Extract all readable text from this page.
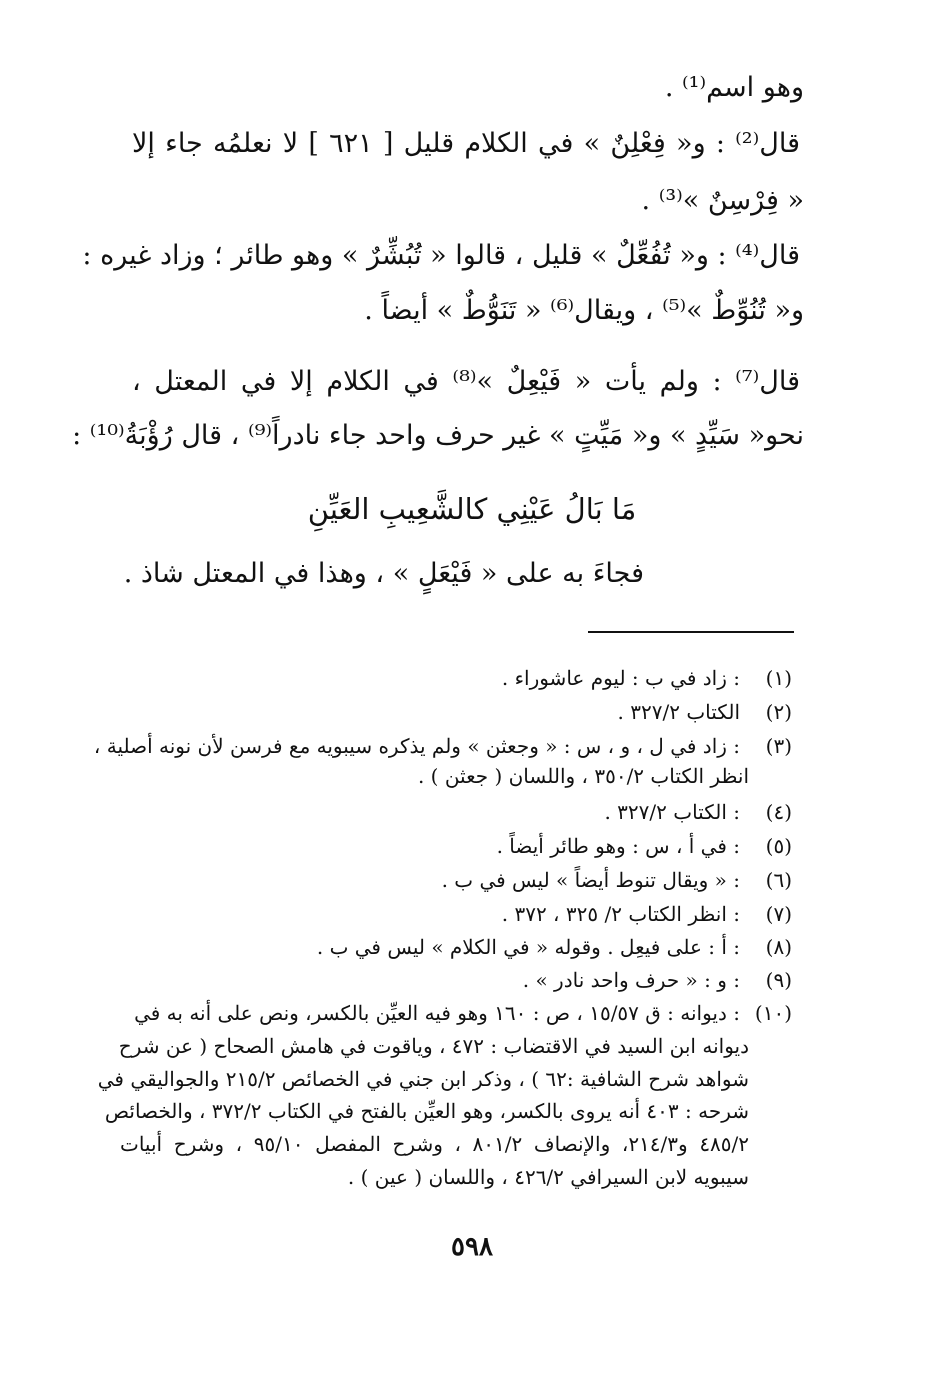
وهو اسم⁽¹⁾ .
قال⁽²⁾ : و« فِعْلِنٌ » في الكلام قليل [ ٦٢١ ] لا نعلمُه جاء إلا
« فِرْسِنٌ »⁽³⁾ .
قال⁽⁴⁾ : و« تُفُعِّلٌ » قليل ، قالوا « تُبُشِّرٌ » وهو طائر ؛ وزاد غيره :
و« تُنُوِّطٌ »⁽⁵⁾ ، ويقال⁽⁶⁾ « تَنَوُّطٌ » أيضاً .
قال⁽⁷⁾ : ولم يأت « فَيْعِلٌ »⁽⁸⁾ في الكلام إلا في المعتل ،
نحو« سَيِّدٍ » و« مَيِّتٍ » غير حرف واحد جاء نادراً⁽⁹⁾ ، قال رُؤْبَةُ⁽¹⁰⁾ :
مَا بَالُ عَيْنِي كالشَّعِيبِ العَيِّنِ
فجاءَ به على « فَيْعَلٍ » ، وهذا في المعتل شاذ .
(١)
: زاد في ب : ليوم عاشوراء .
(٢)
الكتاب ٣٢٧/٢ .
(٣)
: زاد في ل ، و ، س : « وجعثن » ولم يذكره سيبويه مع فرسن لأن نونه أصلية ،
انظر الكتاب ٣٥٠/٢ ، واللسان ( جعثن ) .
(٤)
: الكتاب ٣٢٧/٢ .
(٥)
: في أ ، س : وهو طائر أيضاً .
(٦)
: « ويقال تنوط أيضاً » ليس في ب .
(٧)
: انظر الكتاب ٢/ ٣٢٥ ، ٣٧٢ .
(٨)
: أ : على فيعِل . وقوله « في الكلام » ليس في ب .
(٩)
: و : « حرف واحد نادر » .
(١٠)
: ديوانه : ق ١٥/٥٧ ، ص : ١٦٠ وهو فيه العيِّن بالكسر، ونص على أنه به في
ديوانه ابن السيد في الاقتضاب : ٤٧٢ ، وياقوت في هامش الصحاح ( عن شرح
شواهد شرح الشافية :٦٢ ) ، وذكر ابن جني في الخصائص ٢١٥/٢ والجواليقي في
شرحه : ٤٠٣ أنه يروى بالكسر، وهو العيِّن بالفتح في الكتاب ٣٧٢/٢ ، والخصائص
٤٨٥/٢ و٢١٤/٣، والإنصاف ٨٠١/٢ ، وشرح المفصل ٩٥/١٠ ، وشرح أبيات
سيبويه لابن السيرافي ٤٢٦/٢ ، واللسان ( عين ) .
٥٩٨
